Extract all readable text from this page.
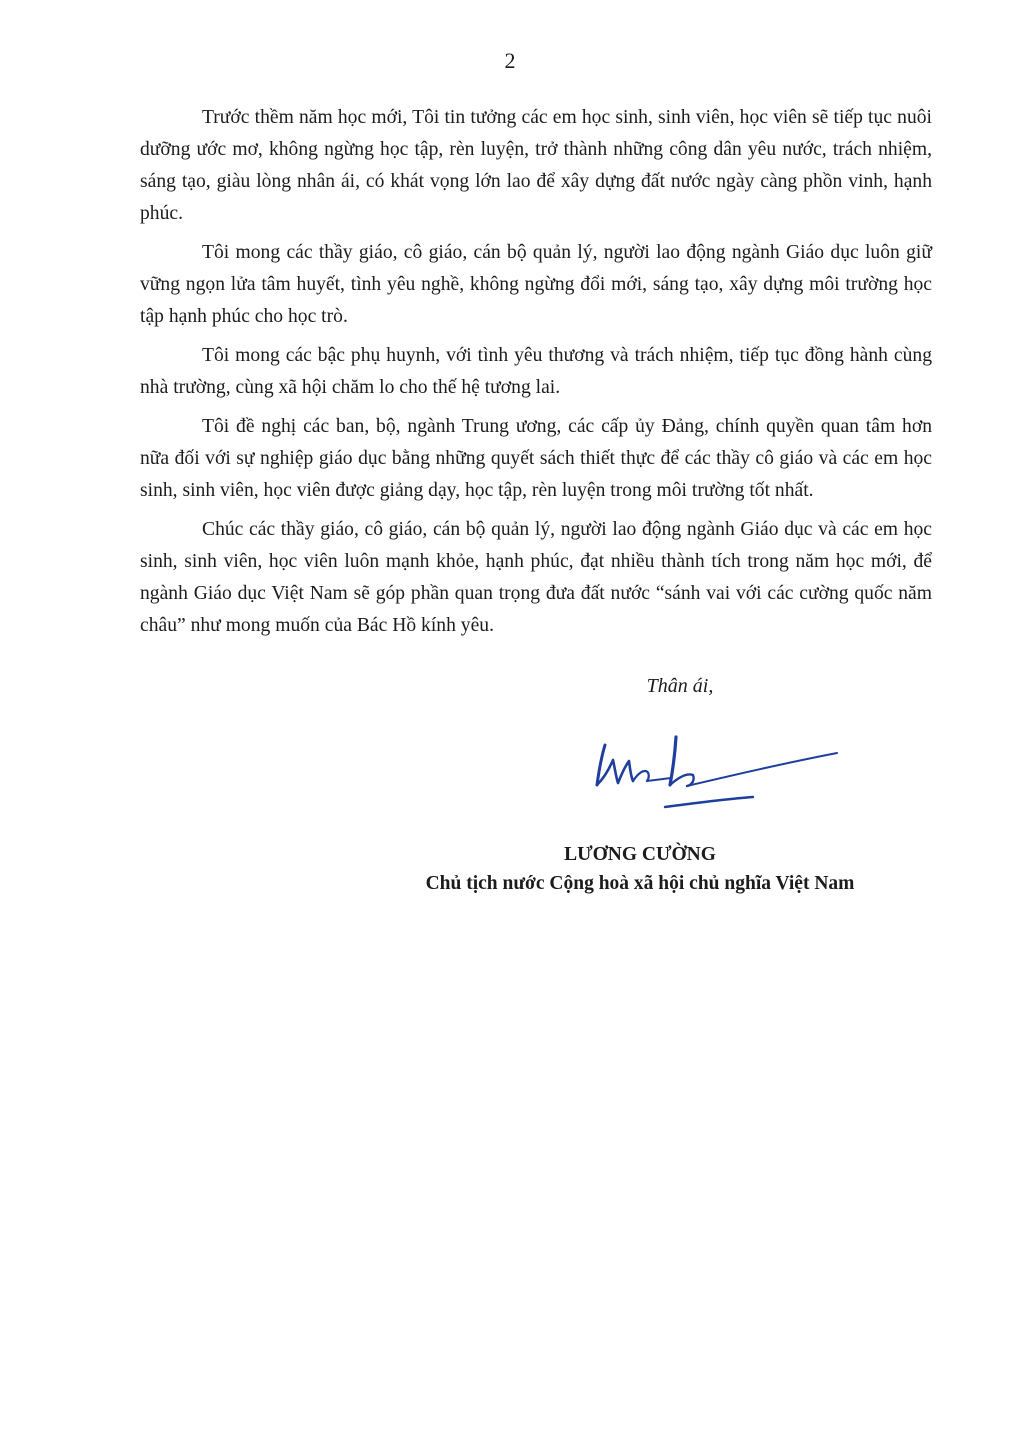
2

Trước thềm năm học mới, Tôi tin tưởng các em học sinh, sinh viên, học viên sẽ tiếp tục nuôi dưỡng ước mơ, không ngừng học tập, rèn luyện, trở thành những công dân yêu nước, trách nhiệm, sáng tạo, giàu lòng nhân ái, có khát vọng lớn lao để xây dựng đất nước ngày càng phồn vinh, hạnh phúc.

Tôi mong các thầy giáo, cô giáo, cán bộ quản lý, người lao động ngành Giáo dục luôn giữ vững ngọn lửa tâm huyết, tình yêu nghề, không ngừng đổi mới, sáng tạo, xây dựng môi trường học tập hạnh phúc cho học trò.

Tôi mong các bậc phụ huynh, với tình yêu thương và trách nhiệm, tiếp tục đồng hành cùng nhà trường, cùng xã hội chăm lo cho thế hệ tương lai.

Tôi đề nghị các ban, bộ, ngành Trung ương, các cấp ủy Đảng, chính quyền quan tâm hơn nữa đối với sự nghiệp giáo dục bằng những quyết sách thiết thực để các thầy cô giáo và các em học sinh, sinh viên, học viên được giảng dạy, học tập, rèn luyện trong môi trường tốt nhất.

Chúc các thầy giáo, cô giáo, cán bộ quản lý, người lao động ngành Giáo dục và các em học sinh, sinh viên, học viên luôn mạnh khỏe, hạnh phúc, đạt nhiều thành tích trong năm học mới, để ngành Giáo dục Việt Nam sẽ góp phần quan trọng đưa đất nước “sánh vai với các cường quốc năm châu” như mong muốn của Bác Hồ kính yêu.

Thân ái,
LƯƠNG CƯỜNG
Chủ tịch nước Cộng hoà xã hội chủ nghĩa Việt Nam
